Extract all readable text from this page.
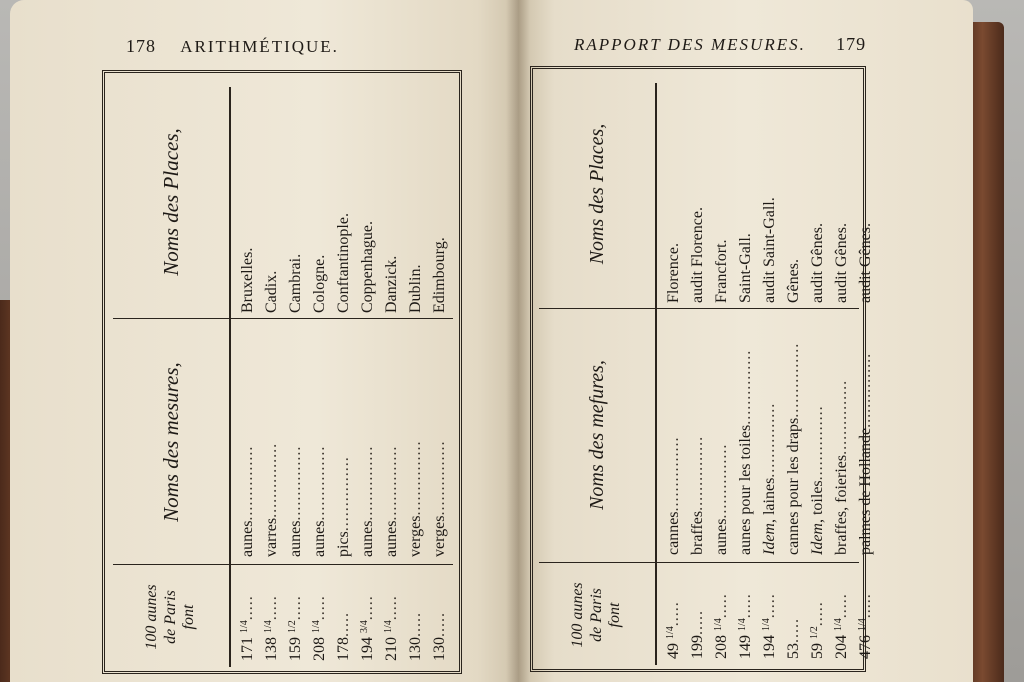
178 ARITHMÉTIQUE.
100 aunes de Paris font
Noms des mesures,
Noms des Places,
1711/4.....
aunes...............
Bruxelles.
1381/4.....
varres...............
Cadix.
1591/2.....
aunes...............
Cambrai.
2081/4.....
aunes...............
Cologne.
178.....
pics...............
Conftantinople.
1943/4.....
aunes...............
Coppenhague.
2101/4.....
aunes...............
Danzick.
130.....
verges...............
Dublin.
130.....
verges...............
Edimbourg.
RAPPORT DES MESURES. 179
100 aunes de Paris font
Noms des mefures,
Noms des Places,
491/4.....
cannes...............
Florence.
199.....
braffes...............
audit Florence.
2081/4.....
aunes...............
Francfort.
1491/4.....
aunes pour les toiles...............
Saint-Gall.
1941/4.....
Idem, laines...............
audit Saint-Gall.
53.....
cannes pour les draps...............
Gênes.
591/2.....
Idem, toiles...............
audit Gênes.
2041/4.....
braffes, foieries...............
audit Gênes.
4761/4.....
palmes de Hollande...............
audit Gênes.
